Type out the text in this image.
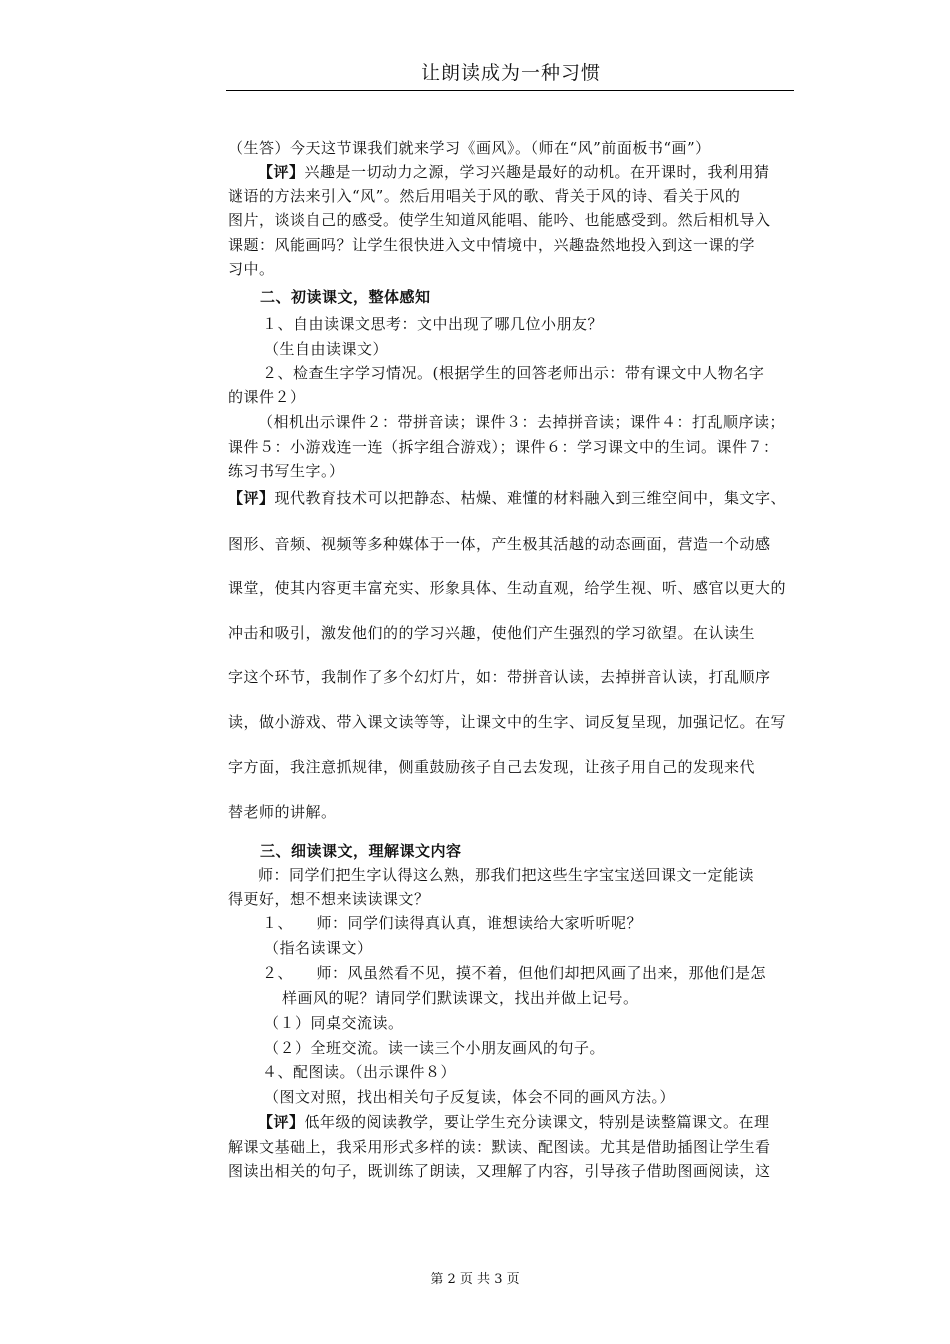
让朗读成为一种习惯
（生答）今天这节课我们就来学习《画风》。（师在“风”前面板书“画”）
【评】兴趣是一切动力之源，学习兴趣是最好的动机。在开课时，我利用猜
谜语的方法来引入“风”。然后用唱关于风的歌、背关于风的诗、看关于风的
图片，谈谈自己的感受。使学生知道风能唱、能吟、也能感受到。然后相机导入
课题：风能画吗？让学生很快进入文中情境中，兴趣盎然地投入到这一课的学
习中。
二、初读课文，整体感知
１、自由读课文思考：文中出现了哪几位小朋友？
（生自由读课文）
２、检查生字学习情况。(根据学生的回答老师出示：带有课文中人物名字
的课件２）
（相机出示课件２：带拼音读；课件３：去掉拼音读；课件４：打乱顺序读；
课件５：小游戏连一连（拆字组合游戏）；课件６：学习课文中的生词。课件７：
练习书写生字。）
【评】现代教育技术可以把静态、枯燥、难懂的材料融入到三维空间中，集文字、
图形、音频、视频等多种媒体于一体，产生极其活越的动态画面，营造一个动感
课堂，使其内容更丰富充实、形象具体、生动直观，给学生视、听、感官以更大的
冲击和吸引，激发他们的的学习兴趣，使他们产生强烈的学习欲望。在认读生
字这个环节，我制作了多个幻灯片，如：带拼音认读，去掉拼音认读，打乱顺序
读，做小游戏、带入课文读等等，让课文中的生字、词反复呈现，加强记忆。在写
字方面，我注意抓规律，侧重鼓励孩子自己去发现，让孩子用自己的发现来代
替老师的讲解。
三、细读课文，理解课文内容
师：同学们把生字认得这么熟，那我们把这些生字宝宝送回课文一定能读
得更好，想不想来读读课文？
１、　　师：同学们读得真认真，谁想读给大家听听呢？
（指名读课文）
２、　　师：风虽然看不见，摸不着，但他们却把风画了出来，那他们是怎
样画风的呢？请同学们默读课文，找出并做上记号。
（１）同桌交流读。
（２）全班交流。读一读三个小朋友画风的句子。
４、配图读。（出示课件８）
（图文对照，找出相关句子反复读，体会不同的画风方法。）
【评】低年级的阅读教学，要让学生充分读课文，特别是读整篇课文。在理
解课文基础上，我采用形式多样的读：默读、配图读。尤其是借助插图让学生看
图读出相关的句子，既训练了朗读，又理解了内容，引导孩子借助图画阅读，这
第 2 页 共 3 页
